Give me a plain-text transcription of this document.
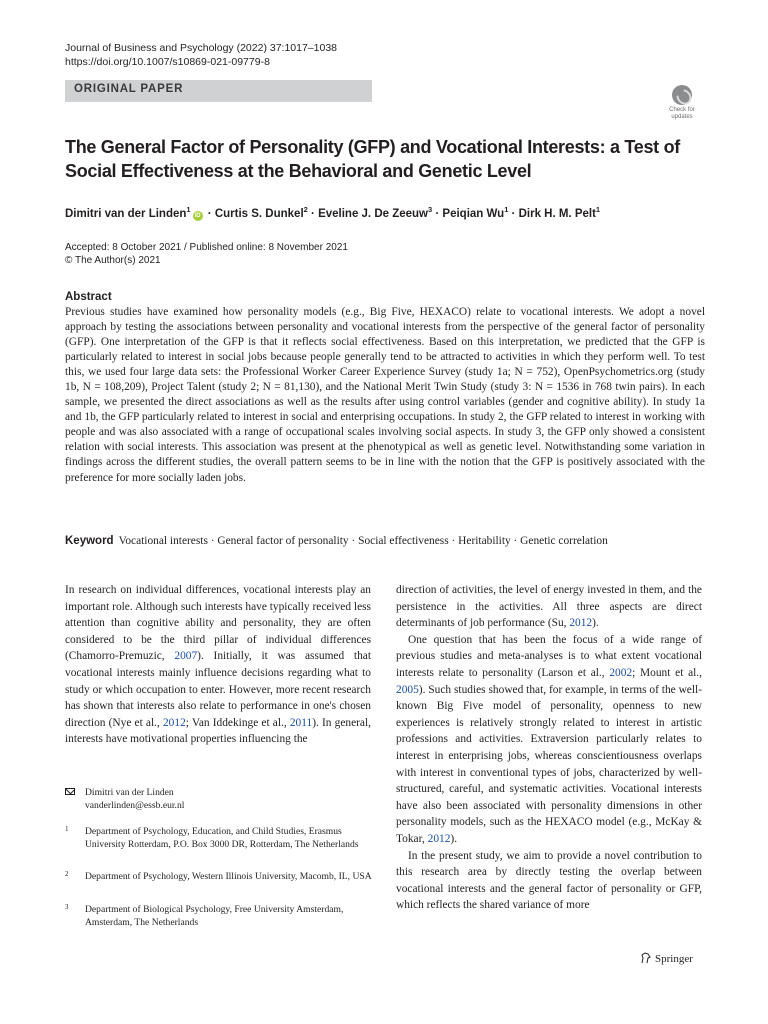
Journal of Business and Psychology (2022) 37:1017–1038
https://doi.org/10.1007/s10869-021-09779-8
ORIGINAL PAPER
Check for
updates
The General Factor of Personality (GFP) and Vocational Interests: a Test of Social Effectiveness at the Behavioral and Genetic Level
Dimitri van der Linden$^1$iD · Curtis S. Dunkel$^2$ · Eveline J. De Zeeuw$^3$ · Peiqian $Wu^1$ · Dirk H. M. Pelt$^1$
Accepted: 8 October 2021 / Published online: 8 November 2021
© The Author(s) 2021
Abstract
Previous studies have examined how personality models (e.g., Big Five, HEXACO) relate to vocational interests. We adopt a novel approach by testing the associations between personality and vocational interests from the perspective of the general factor of personality (GFP). One interpretation of the GFP is that it reflects social effectiveness. Based on this interpretation, we predicted that the GFP is particularly related to interest in social jobs because people generally tend to be attracted to activities in which they perform well. To test this, we used four large data sets: the Professional Worker Career Experience Survey (study 1a; N = 752), OpenPsychometrics.org (study 1b, N = 108,209), Project Talent (study 2; N = 81,130), and the National Merit Twin Study (study 3: N = 1536 in 768 twin pairs). In each sample, we presented the direct associations as well as the results after using control variables (gender and cognitive ability). In study 1a and 1b, the GFP particularly related to interest in social and enterprising occupations. In study 2, the GFP related to interest in working with people and was also associated with a range of occupational scales involving social aspects. In study 3, the GFP only showed a consistent relation with social interests. This association was present at the phenotypical as well as genetic level. Notwithstanding some variation in findings across the different studies, the overall pattern seems to be in line with the notion that the GFP is positively associated with the preference for more socially laden jobs.
Keyword Vocational interests · General factor of personality · Social effectiveness · Heritability · Genetic correlation

In research on individual differences, vocational interests play an important role. Although such interests have typically received less attention than cognitive ability and personality, they are often considered to be the third pillar of individual differences (Chamorro-Premuzic, 2007). Initially, it was assumed that vocational interests mainly influence decisions regarding what to study or which occupation to enter. However, more recent research has shown that interests also relate to performance in one's chosen direction (Nye et al., 2012; Van Iddekinge et al., 2011). In general, interests have motivational properties influencing the

direction of activities, the level of energy invested in them, and the persistence in the activities. All three aspects are direct determinants of job performance (Su, 2012).

One question that has been the focus of a wide range of previous studies and meta-analyses is to what extent vocational interests relate to personality (Larson et al., 2002; Mount et al., 2005). Such studies showed that, for example, in terms of the well-known Big Five model of personality, openness to new experiences is relatively strongly related to interest in artistic professions and activities. Extraversion particularly relates to interest in enterprising jobs, whereas conscientiousness overlaps with interest in conventional types of jobs, characterized by well-structured, careful, and systematic activities. Vocational interests have also been associated with personality dimensions in other personality models, such as the HEXACO model (e.g., McKay & Tokar, 2012).

In the present study, we aim to provide a novel contribution to this research area by directly testing the overlap between vocational interests and the general factor of personality or GFP, which reflects the shared variance of more

Dimitri van der Linden
vanderlinden@essb.eur.nl
1 Department of Psychology, Education, and Child Studies, Erasmus University Rotterdam, P.O. Box 3000 DR, Rotterdam, The Netherlands
2 Department of Psychology, Western Illinois University, Macomb, IL, USA
3 Department of Biological Psychology, Free University Amsterdam, Amsterdam, The Netherlands
Springer
